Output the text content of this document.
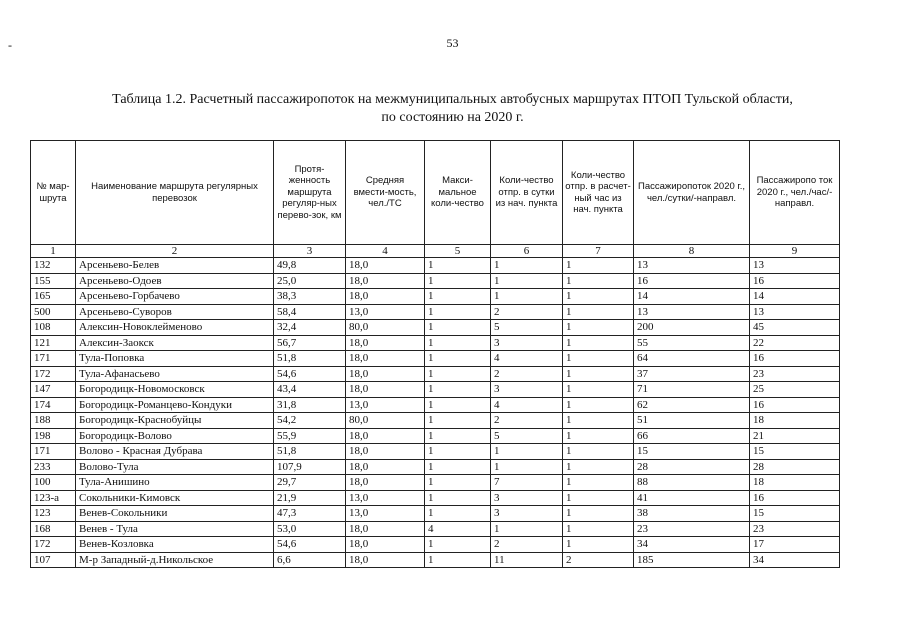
-	53
Таблица 1.2. Расчетный пассажиропоток на межмуниципальных автобусных маршрутах ПТОП Тульской области,
по состоянию на 2020 г.
№ мар-шрута	Наименование маршрута регулярных перевозок	Протя-женность маршрута регуляр-ных перево-зок, км	Средняя вмести-мость, чел./ТС	Макси-мальное коли-чество	Коли-чество отпр. в сутки из нач. пункта	Коли-чество отпр. в расчет-ный час из нач. пункта	Пассажиропоток 2020 г., чел./сутки/-направл.	Пассажиропо ток 2020 г., чел./час/-направл.
1	2	3	4	5	6	7	8	9
132	Арсеньево-Белев	49,8	18,0	1	1	1	13	13
155	Арсеньево-Одоев	25,0	18,0	1	1	1	16	16
165	Арсеньево-Горбачево	38,3	18,0	1	1	1	14	14
500	Арсеньево-Суворов	58,4	13,0	1	2	1	13	13
108	Алексин-Новоклейменово	32,4	80,0	1	5	1	200	45
121	Алексин-Заокск	56,7	18,0	1	3	1	55	22
171	Тула-Поповка	51,8	18,0	1	4	1	64	16
172	Тула-Афанасьево	54,6	18,0	1	2	1	37	23
147	Богородицк-Новомосковск	43,4	18,0	1	3	1	71	25
174	Богородицк-Романцево-Кондуки	31,8	13,0	1	4	1	62	16
188	Богородицк-Краснобуйцы	54,2	80,0	1	2	1	51	18
198	Богородицк-Волово	55,9	18,0	1	5	1	66	21
171	Волово - Красная Дубрава	51,8	18,0	1	1	1	15	15
233	Волово-Тула	107,9	18,0	1	1	1	28	28
100	Тула-Анишино	29,7	18,0	1	7	1	88	18
123-а	Сокольники-Кимовск	21,9	13,0	1	3	1	41	16
123	Венев-Сокольники	47,3	13,0	1	3	1	38	15
168	Венев - Тула	53,0	18,0	4	1	1	23	23
172	Венев-Козловка	54,6	18,0	1	2	1	34	17
107	М-р Западный-д.Никольское	6,6	18,0	1	11	2	185	34
